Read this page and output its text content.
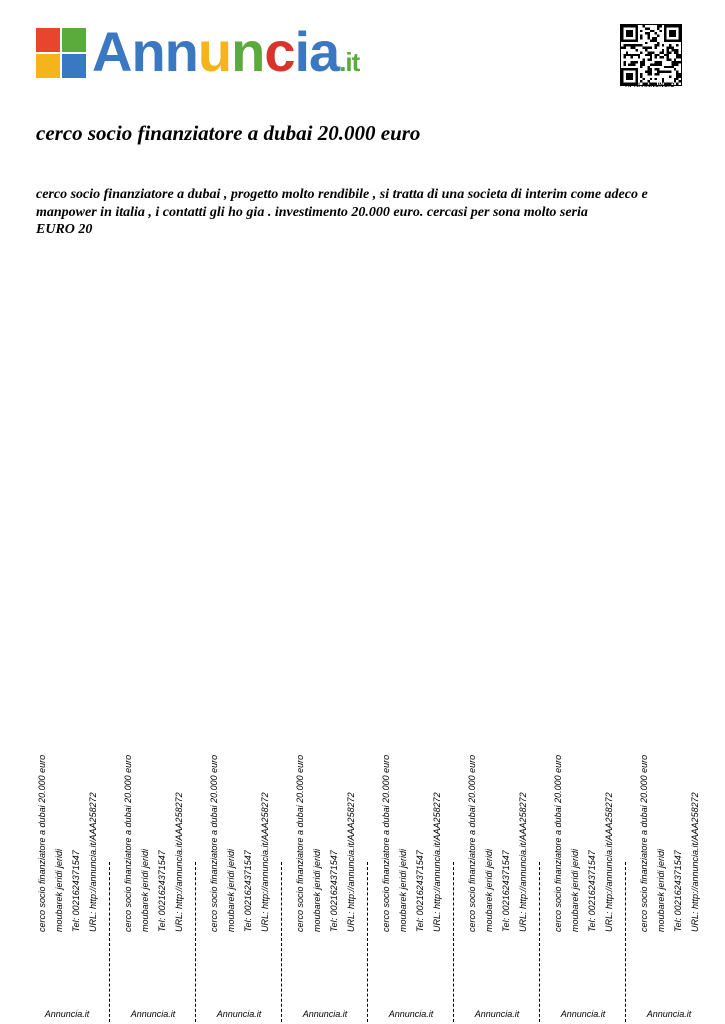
Annuncia.it
APRI ANNUNCIO
cerco socio finanziatore a dubai 20.000 euro

cerco socio finanziatore a dubai , progetto molto rendibile , si tratta di una societa di interim come adeco e manpower in italia , i contatti gli ho gia . investimento 20.000 euro. cercasi per sona molto seria

EURO 20

cerco socio finanziatore a dubai 20.000 euro moubarek jeridi jeridi Tel: 0021624371547 URL: http://annuncia.it/AAA258272
Annuncia.it
cerco socio finanziatore a dubai 20.000 euro moubarek jeridi jeridi Tel: 0021624371547 URL: http://annuncia.it/AAA258272
Annuncia.it
cerco socio finanziatore a dubai 20.000 euro moubarek jeridi jeridi Tel: 0021624371547 URL: http://annuncia.it/AAA258272
Annuncia.it
cerco socio finanziatore a dubai 20.000 euro moubarek jeridi jeridi Tel: 0021624371547 URL: http://annuncia.it/AAA258272
Annuncia.it
cerco socio finanziatore a dubai 20.000 euro moubarek jeridi jeridi Tel: 0021624371547 URL: http://annuncia.it/AAA258272
Annuncia.it
cerco socio finanziatore a dubai 20.000 euro moubarek jeridi jeridi Tel: 0021624371547 URL: http://annuncia.it/AAA258272
Annuncia.it
cerco socio finanziatore a dubai 20.000 euro moubarek jeridi jeridi Tel: 0021624371547 URL: http://annuncia.it/AAA258272
Annuncia.it
cerco socio finanziatore a dubai 20.000 euro moubarek jeridi jeridi Tel: 0021624371547 URL: http://annuncia.it/AAA258272
Annuncia.it
